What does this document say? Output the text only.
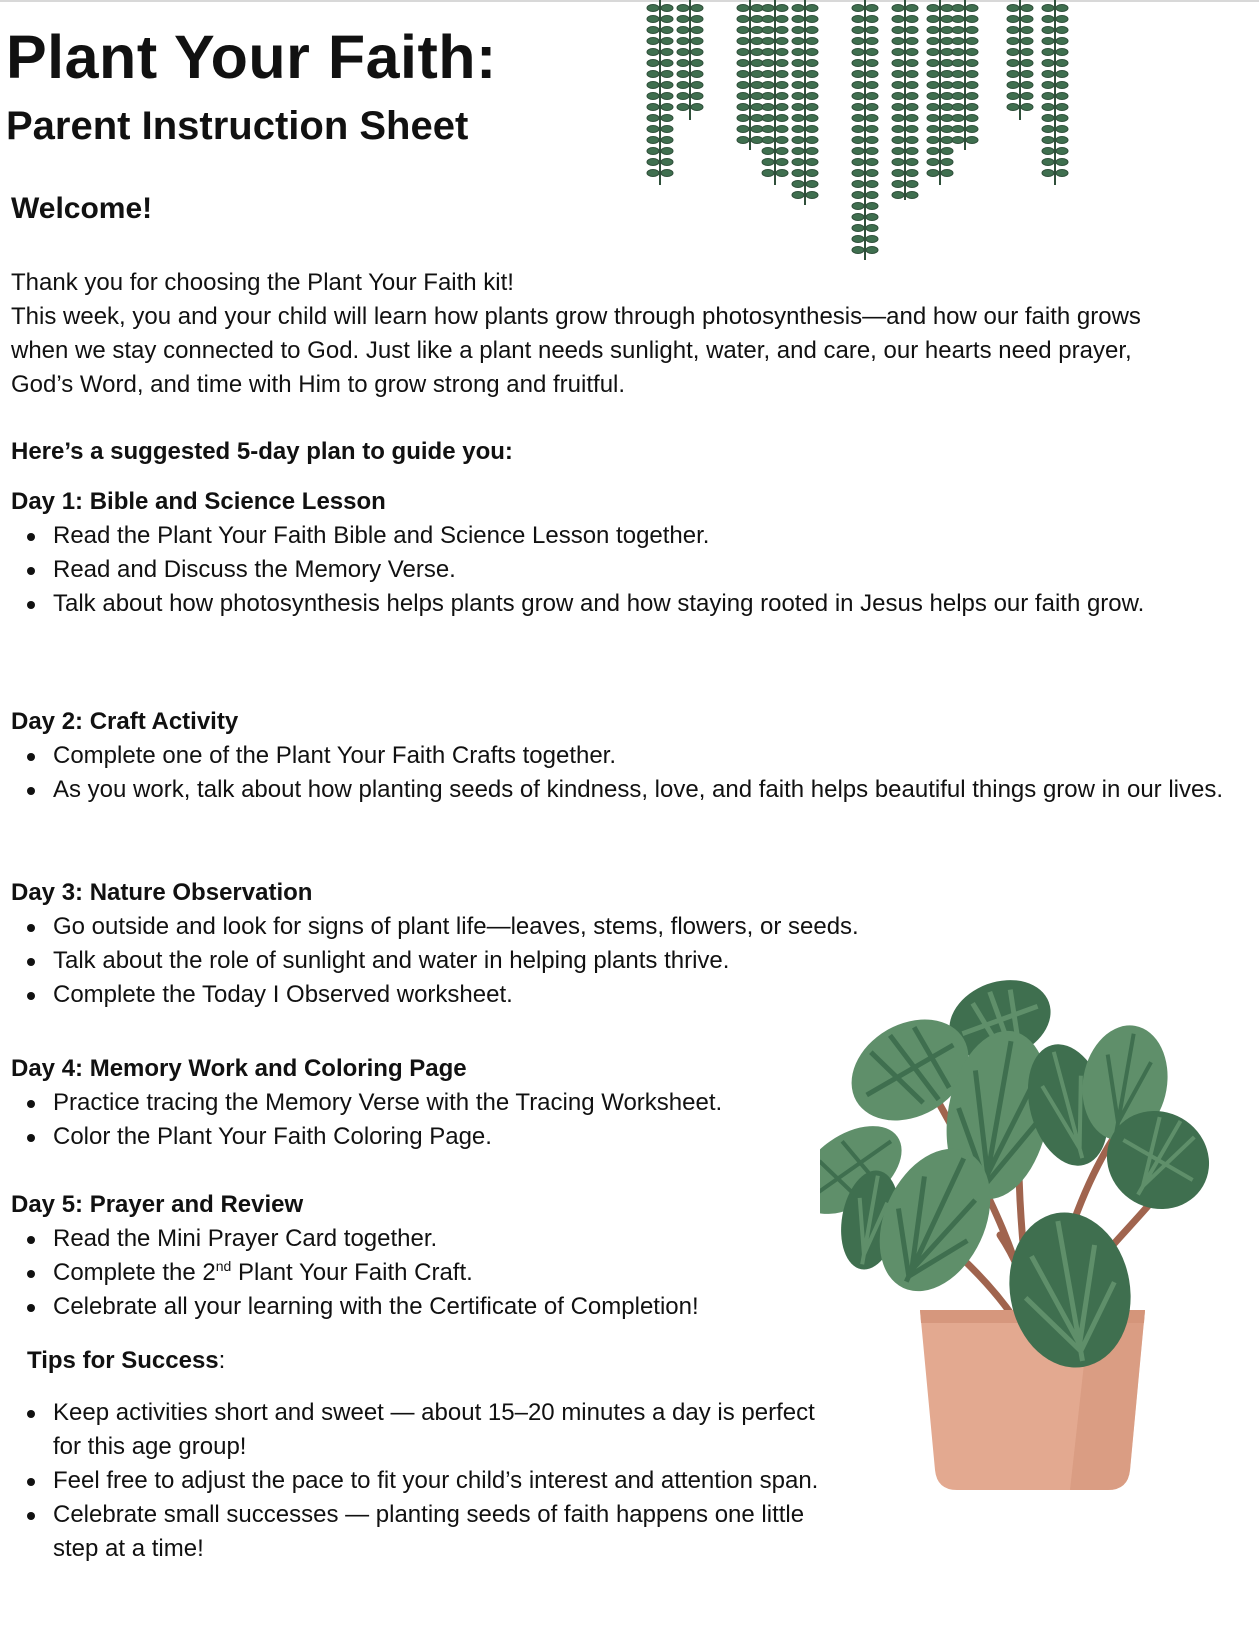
Plant Your Faith:
Parent Instruction Sheet
Welcome!

Thank you for choosing the Plant Your Faith kit!

This week, you and your child will learn how plants grow through photosynthesis—and how our faith grows when we stay connected to God. Just like a plant needs sunlight, water, and care, our hearts need prayer, God’s Word, and time with Him to grow strong and fruitful.

Here’s a suggested 5-day plan to guide you:

Day 1: Bible and Science Lesson

Read the Plant Your Faith Bible and Science Lesson together.
Read and Discuss the Memory Verse.
Talk about how photosynthesis helps plants grow and how staying rooted in Jesus helps our faith grow.

Day 2: Craft Activity

Complete one of the Plant Your Faith Crafts together.
As you work, talk about how planting seeds of kindness, love, and faith helps beautiful things grow in our lives.

Day 3: Nature Observation

Go outside and look for signs of plant life—leaves, stems, flowers, or seeds.
Talk about the role of sunlight and water in helping plants thrive.
Complete the Today I Observed worksheet.

Day 4: Memory Work and Coloring Page

Practice tracing the Memory Verse with the Tracing Worksheet.
Color the Plant Your Faith Coloring Page.

Day 5: Prayer and Review

Read the Mini Prayer Card together.
Complete the 2nd Plant Your Faith Craft.
Celebrate all your learning with the Certificate of Completion!

Tips for Success:

Keep activities short and sweet — about 15–20 minutes a day is perfect for this age group!
Feel free to adjust the pace to fit your child’s interest and attention span.
Celebrate small successes — planting seeds of faith happens one little step at a time!
